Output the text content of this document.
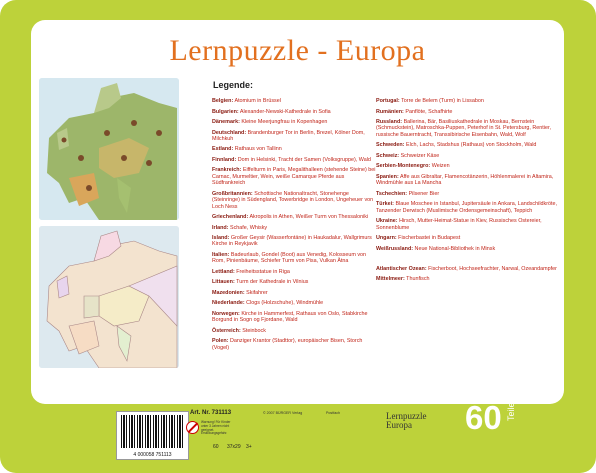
Lernpuzzle - Europa
Legende:
Belgien: Atomium in Brüssel
Bulgarien: Alexander-Newski-Kathedrale in Sofia
Dänemark: Kleine Meerjungfrau in Kopenhagen
Deutschland: Brandenburger Tor in Berlin, Brezel, Kölner Dom, Milchkuh
Estland: Rathaus von Tallinn
Finnland: Dom in Helsinki, Tracht der Samen (Volksgruppe), Wald
Frankreich: Eiffelturm in Paris, Megalithalleen (stehende Steine) bei Carnac, Murmeltier, Wein, weiße Camarque Pferde aus Südfrankreich
Großbritannien: Schottische Nationaltracht, Stonehenge (Steinringe) in Südengland, Towerbridge in London, Ungeheuer von Loch Ness
Griechenland: Akropolis in Athen, Weißer Turm von Thessaloniki
Irland: Schafe, Whisky
Island: Großer Geysir (Wasserfontäne) in Haukadalur, Wallgrimurs Kirche in Reykjavik
Italien: Badeurlaub, Gondel (Boot) aus Venedig, Kolosseum von Rom, Pinienbäume, Schiefer Turm von Pisa, Vulkan Ätna
Lettland: Freiheitsstatue in Riga
Littauen: Turm der Kathedrale in Vilnius
Mazedonien: Skifahrer
Niederlande: Clogs (Holzschuhe), Windmühle
Norwegen: Kirche in Hammerfest, Rathaus von Oslo, Stabkirche Borgund in Sogn og Fjordane, Wald
Österreich: Steinbock
Polen: Danziger Krantor (Stadttor), europäischer Bisen, Storch (Vogel)
Portugal: Torre de Belem (Turm) in Lissabon
Rumänien: Panflöte, Schafhirte
Russland: Ballerina, Bär, Basiliuskathedrale in Moskau, Bernstein (Schmuckstein), Matroschka-Puppen, Peterhof in St. Petersburg, Rentier, russische Bauerntracht, Transsibirische Eisenbahn, Wald, Wolf
Schweden: Elch, Lachs, Stadshus (Rathaus) von Stockholm, Wald
Schweiz: Schweizer Käse
Serbien-Montenegro: Weizen
Spanien: Affe aus Gibraltar, Flamencotänzerin, Höhlenmalerei in Altamira, Windmühle aus La Mancha
Tschechien: Pilsener Bier
Türkei: Blaue Moschee in Istanbul, Jupitersäule in Ankara, Landschildkröte, Tanzender Derwisch (Muslimische Ordensgemeinschaft), Teppich
Ukraine: Hirsch, Mutter-Heimat-Statue in Kiev, Russisches Ostereier, Sonnenblume
Ungarn: Fischerbastei in Budapest
Weißrussland: Neue National-Bibliothek in Minsk
Atlantischer Ozean: Fischerboot, Hochseefrachter, Narwal, Ozeandampfer
Mittelmeer: Thunfisch
4 000058 751113
Art. Nr. 731113
Warnung! Für Kinder unter 3 Jahren nicht geeignet. Erstickungsgefahr.
60 37x29 3+
© 2007 BÜRGER Verlag	Postfach	Lernpuzzle
Europa	60 Teile
